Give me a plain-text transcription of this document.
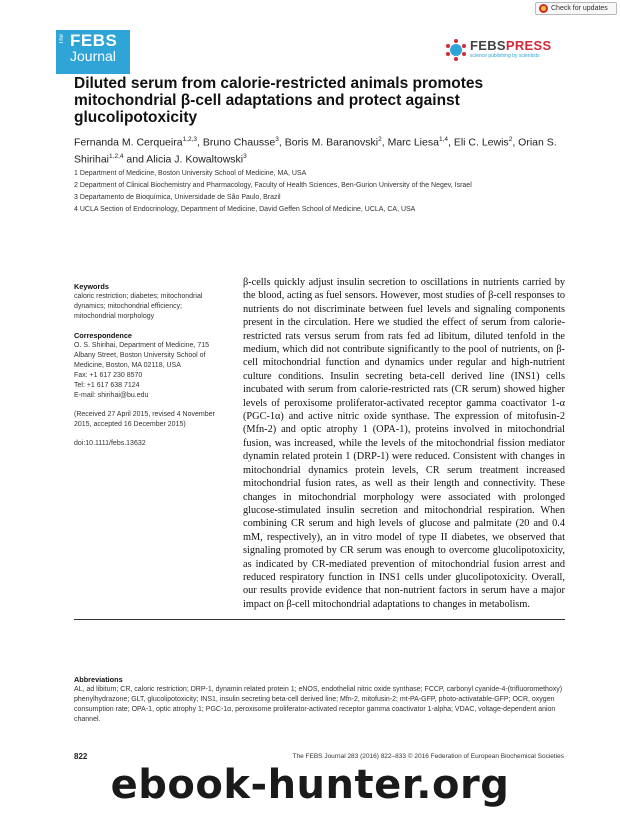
Check for updates
The FEBS
Journal
FEBSPRESS
science publishing by scientists
Diluted serum from calorie-restricted animals promotes mitochondrial β-cell adaptations and protect against glucolipotoxicity
Fernanda M. Cerqueira$^{1,2,3}$, Bruno Chausse$^3$, Boris M. Baranovski$^2$, Marc Liesa$^{1,4}$, Eli C. Lewis$^2$, Orian S. Shirihai$^{1,2,4}$ and Alicia J. Kowaltowski$^3$
1 Department of Medicine, Boston University School of Medicine, MA, USA
2 Department of Clinical Biochemistry and Pharmacology, Faculty of Health Sciences, Ben-Gurion University of the Negev, Israel
3 Departamento de Bioquímica, Universidade de São Paulo, Brazil
4 UCLA Section of Endocrinology, Department of Medicine, David Geffen School of Medicine, UCLA, CA, USA
Keywords
caloric restriction; diabetes; mitochondrial dynamics; mitochondrial efficiency; mitochondrial morphology
Correspondence
O. S. Shirihai, Department of Medicine, 715
Albany Street, Boston University School of
Medicine, Boston, MA 02118, USA
Fax: +1 617 230 8570
Tel: +1 617 638 7124
E-mail: shirihai@bu.edu
(Received 27 April 2015, revised 4 November 2015, accepted 16 December 2015)
doi:10.1111/febs.13632

β-cells quickly adjust insulin secretion to oscillations in nutrients carried by the blood, acting as fuel sensors. However, most studies of β-cell responses to nutrients do not discriminate between fuel levels and signaling components present in the circulation. Here we studied the effect of serum from calorie-restricted rats versus serum from rats fed ad libitum, diluted tenfold in the medium, which did not contribute significantly to the pool of nutrients, on β-cell mitochondrial function and dynamics under regular and high-nutrient culture conditions. Insulin secreting beta-cell derived line (INS1) cells incubated with serum from calorie-restricted rats (CR serum) showed higher levels of peroxisome proliferator-activated receptor gamma coactivator 1-α (PGC-1α) and active nitric oxide synthase. The expression of mitofusin-2 (Mfn-2) and optic atrophy 1 (OPA-1), proteins involved in mitochondrial fusion, was increased, while the levels of the mitochondrial fission mediator dynamin related protein 1 (DRP-1) were reduced. Consistent with changes in mitochondrial dynamics protein levels, CR serum treatment increased mitochondrial fusion rates, as well as their length and connectivity. These changes in mitochondrial morphology were associated with prolonged glucose-stimulated insulin secretion and mitochondrial respiration. When combining CR serum and high levels of glucose and palmitate (20 and 0.4 mM, respectively), an in vitro model of type II diabetes, we observed that signaling promoted by CR serum was enough to overcome glucolipotoxicity, as indicated by CR-mediated prevention of mitochondrial fusion arrest and reduced respiratory function in INS1 cells under glucolipotoxicity. Overall, our results provide evidence that non-nutrient factors in serum have a major impact on β-cell mitochondrial adaptations to changes in metabolism.

Abbreviations
AL, ad libitum; CR, caloric restriction; DRP-1, dynamin related protein 1; eNOS, endothelial nitric oxide synthase; FCCP, carbonyl cyanide-4-(trifluoromethoxy) phenylhydrazone; GLT, glucolipotoxicity; INS1, insulin secreting beta-cell derived line; Mfn-2, mitofusin-2; mt-PA-GFP, photo-activatable-GFP; OCR, oxygen consumption rate; OPA-1, optic atrophy 1; PGC-1α, peroxisome proliferator-activated receptor gamma coactivator 1-alpha; VDAC, voltage-dependent anion channel.
822	The FEBS Journal 283 (2016) 822–833 © 2016 Federation of European Biochemical Societies
ebook-hunter.org
